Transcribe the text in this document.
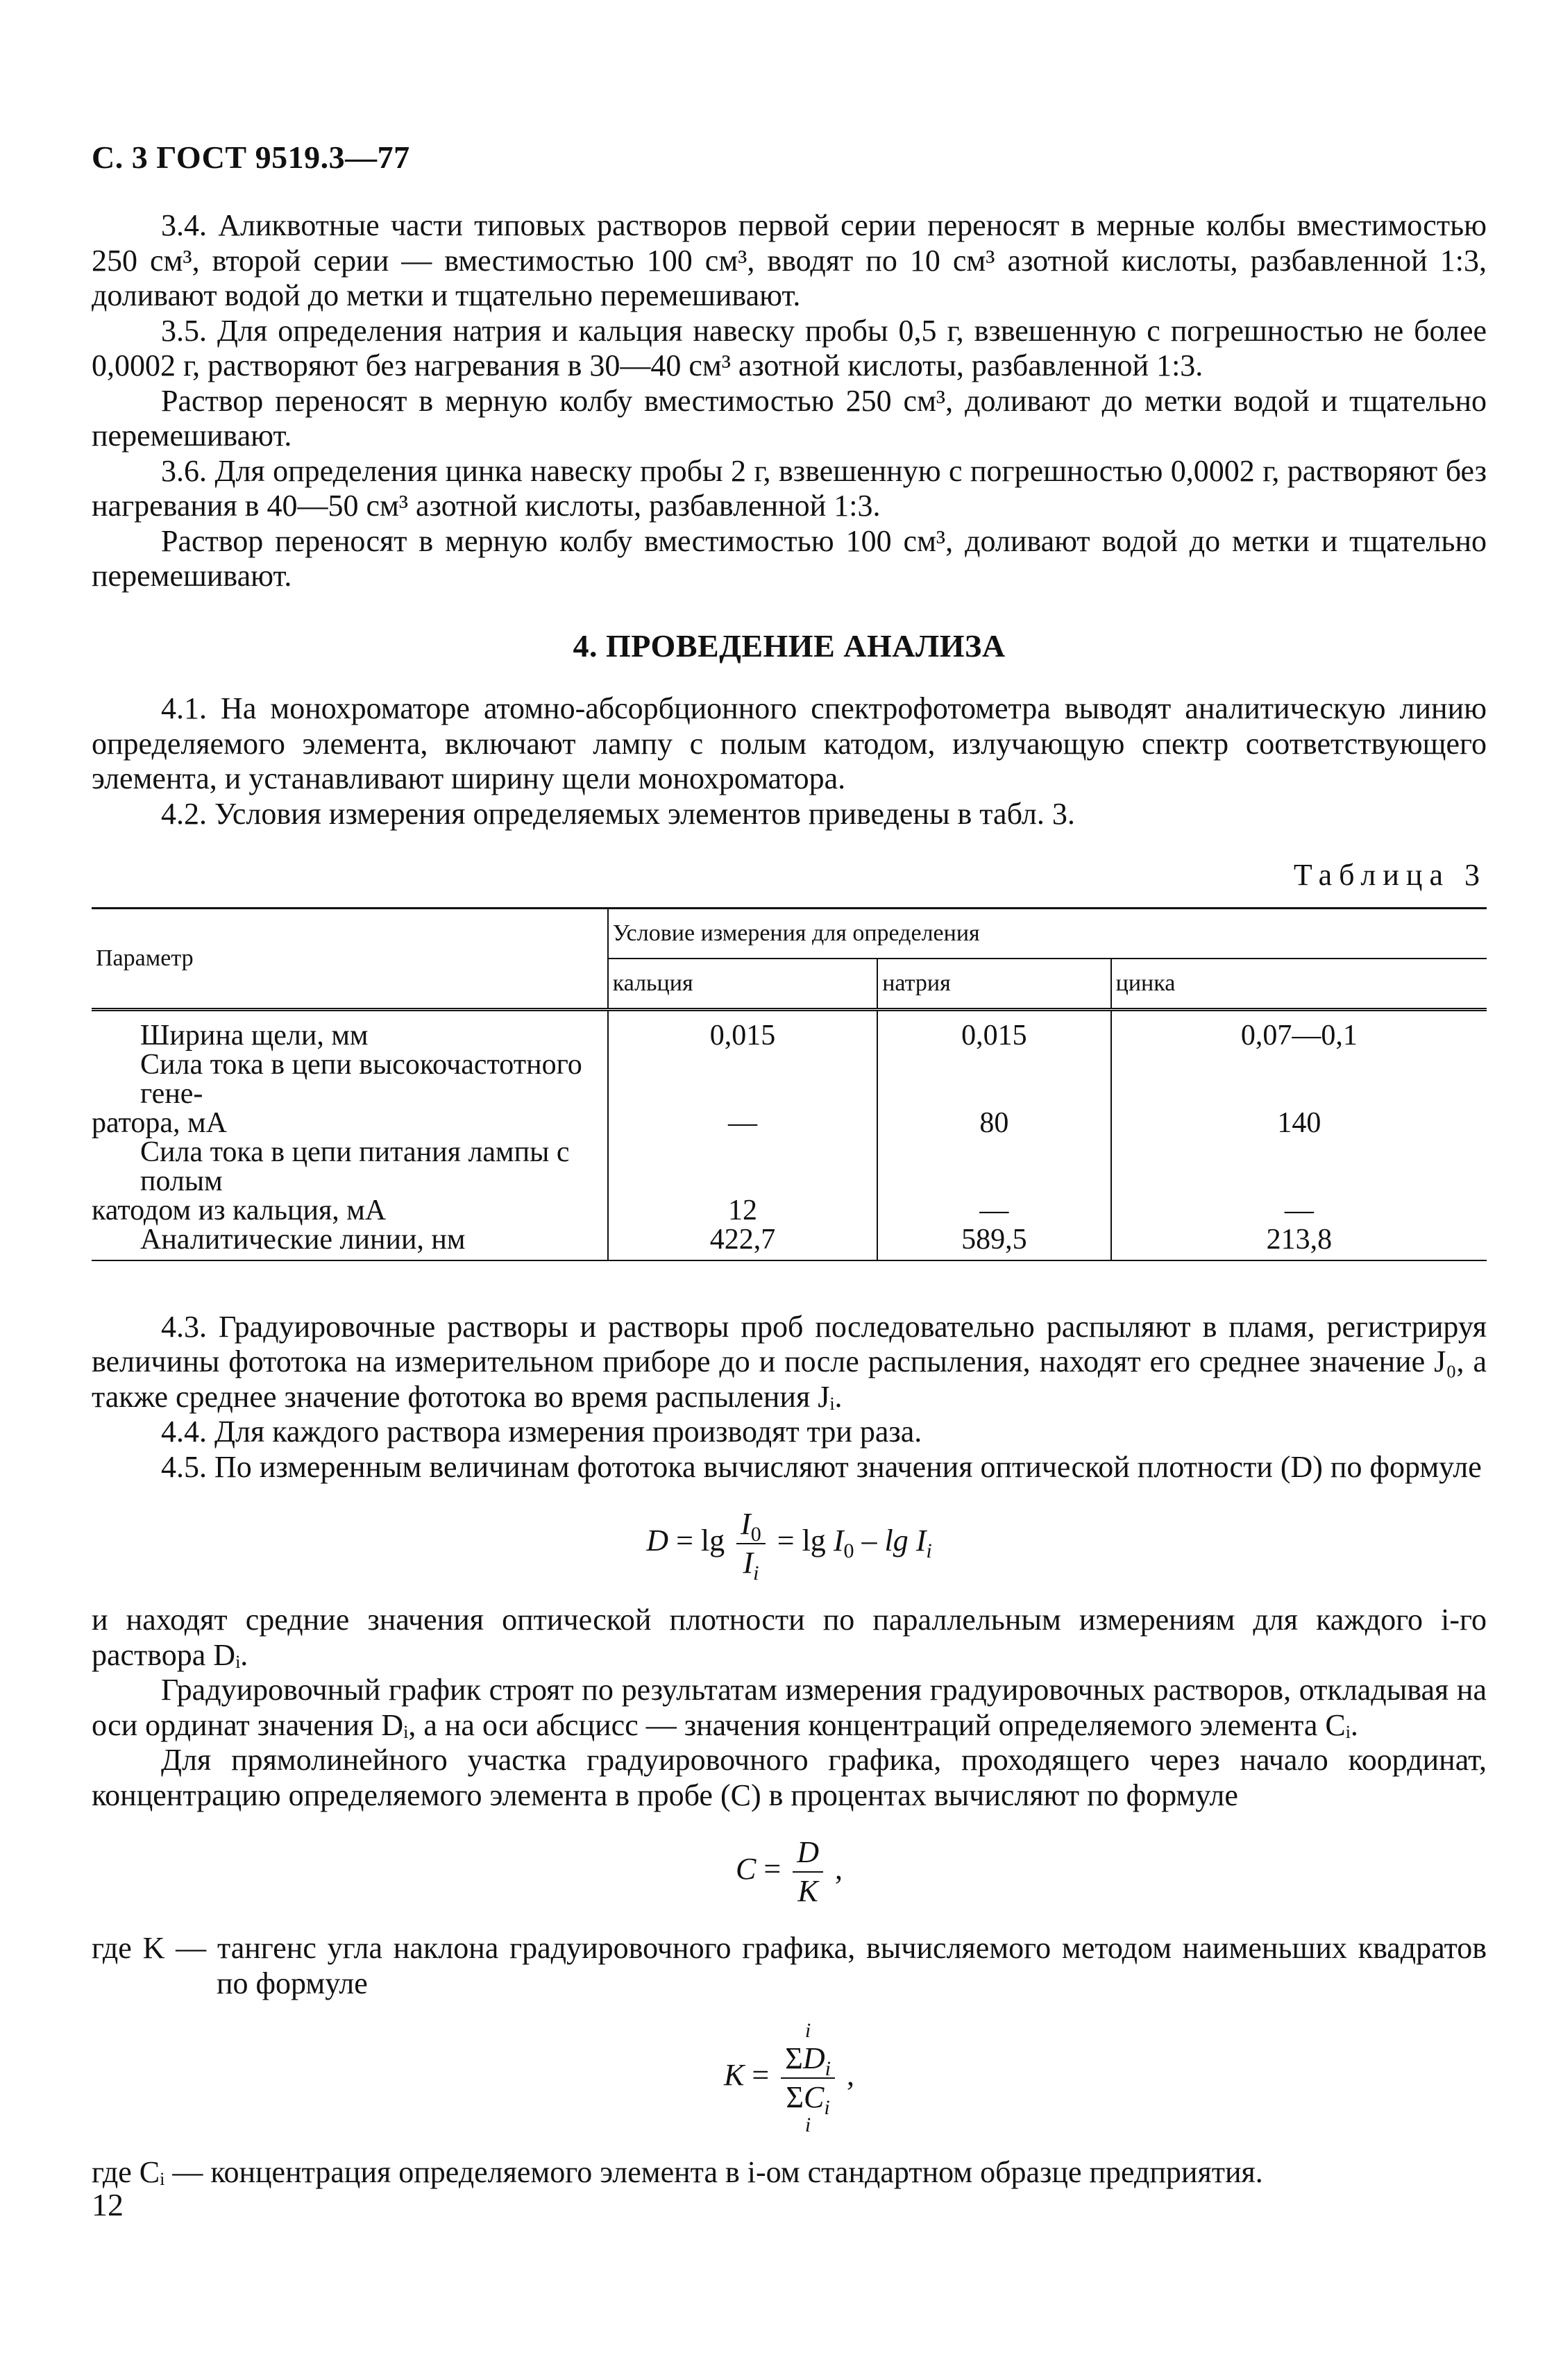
С. 3 ГОСТ 9519.3—77

3.4. Аликвотные части типовых растворов первой серии переносят в мерные колбы вместимостью 250 см³, второй серии — вместимостью 100 см³, вводят по 10 см³ азотной кислоты, разбавленной 1:3, доливают водой до метки и тщательно перемешивают.

3.5. Для определения натрия и кальция навеску пробы 0,5 г, взвешенную с погрешностью не более 0,0002 г, растворяют без нагревания в 30—40 см³ азотной кислоты, разбавленной 1:3.

Раствор переносят в мерную колбу вместимостью 250 см³, доливают до метки водой и тщательно перемешивают.

3.6. Для определения цинка навеску пробы 2 г, взвешенную с погрешностью 0,0002 г, растворяют без нагревания в 40—50 см³ азотной кислоты, разбавленной 1:3.

Раствор переносят в мерную колбу вместимостью 100 см³, доливают водой до метки и тщательно перемешивают.

4. ПРОВЕДЕНИЕ АНАЛИЗА

4.1. На монохроматоре атомно-абсорбционного спектрофотометра выводят аналитическую линию определяемого элемента, включают лампу с полым катодом, излучающую спектр соответствующего элемента, и устанавливают ширину щели монохроматора.

4.2. Условия измерения определяемых элементов приведены в табл. 3.

Таблица 3
Параметр	Условие измерения для определения		
	кальция	натрия	цинка
Ширина щели, мм	0,015	0,015	0,07—0,1
Сила тока в цепи высокочастотного гене-			
ратора, мА	—	80	140
Сила тока в цепи питания лампы с полым			
катодом из кальция, мА	12	—	—
Аналитические линии, нм	422,7	589,5	213,8

4.3. Градуировочные растворы и растворы проб последовательно распыляют в пламя, регистрируя величины фототока на измерительном приборе до и после распыления, находят его среднее значение J₀, а также среднее значение фототока во время распыления Jᵢ.

4.4. Для каждого раствора измерения производят три раза.

4.5. По измеренным величинам фототока вычисляют значения оптической плотности (D) по формуле

$D = \lg \frac{I_0}{I_i} = \lg I_0 - \lg I_i$

и находят средние значения оптической плотности по параллельным измерениям для каждого i-го раствора Dᵢ.

Градуировочный график строят по результатам измерения градуировочных растворов, откладывая на оси ординат значения Dᵢ, а на оси абсцисс — значения концентраций определяемого элемента Cᵢ.

Для прямолинейного участка градуировочного графика, проходящего через начало координат, концентрацию определяемого элемента в пробе (C) в процентах вычисляют по формуле

$C = \frac{D}{K}$ ,

где K — тангенс угла наклона градуировочного графика, вычисляемого методом наименьших квадратов по формуле

K = i
$\Sigma D_i$
$\Sigma C_i$
i ,

где Cᵢ — концентрация определяемого элемента в i-ом стандартном образце предприятия.

12
